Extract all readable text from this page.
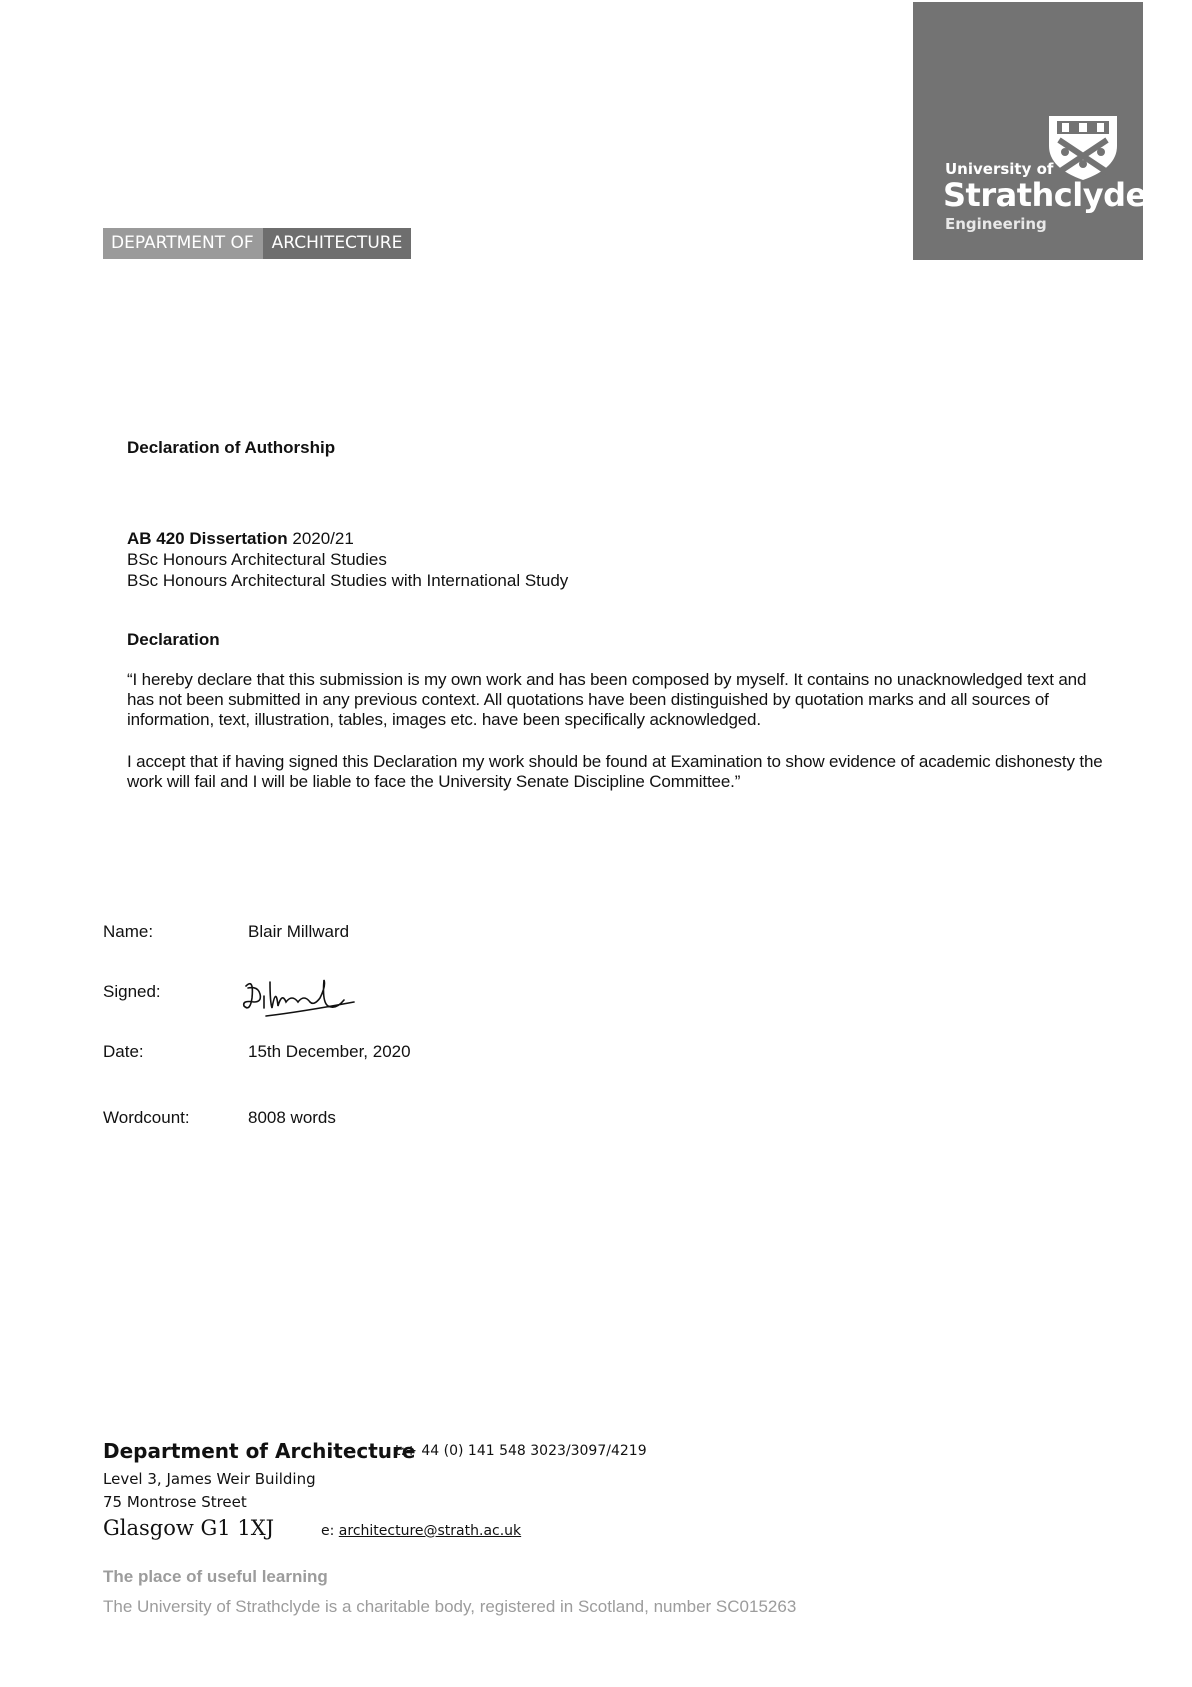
DEPARTMENT OF	ARCHITECTURE
University of
Strathclyde
Engineering
Declaration of Authorship
AB 420 Dissertation 2020/21
BSc Honours Architectural Studies
BSc Honours Architectural Studies with International Study
Declaration
“I hereby declare that this submission is my own work and has been composed by myself. It contains no unacknowledged text and has not been submitted in any previous context. All quotations have been distinguished by quotation marks and all sources of information, text, illustration, tables, images etc. have been specifically acknowledged.
I accept that if having signed this Declaration my work should be found at Examination to show evidence of academic dishonesty the work will fail and I will be liable to face the University Senate Discipline Committee.”
Name:	Blair Millward
Signed:
Date:	15th December, 2020
Wordcount:	8008 words
Department of Architecture
t:+ 44 (0) 141 548 3023/3097/4219
Level 3, James Weir Building
75 Montrose Street
Glasgow G1 1XJ	e: architecture@strath.ac.uk
The place of useful learning
The University of Strathclyde is a charitable body, registered in Scotland, number SC015263
